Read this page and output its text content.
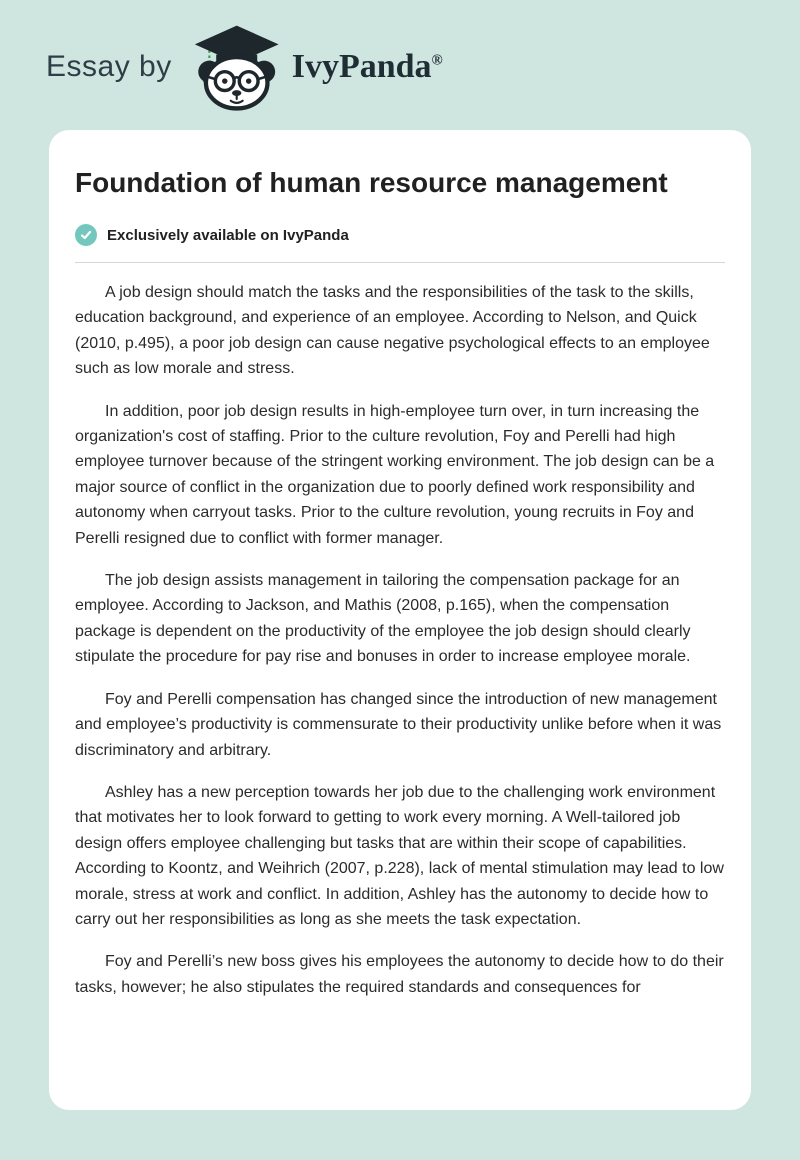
Essay by	IvyPanda®
Foundation of human resource management
Exclusively available on IvyPanda

A job design should match the tasks and the responsibilities of the task to the skills, education background, and experience of an employee. According to Nelson, and Quick (2010, p.495), a poor job design can cause negative psychological effects to an employee such as low morale and stress.

In addition, poor job design results in high-employee turn over, in turn increasing the organization's cost of staffing. Prior to the culture revolution, Foy and Perelli had high employee turnover because of the stringent working environment. The job design can be a major source of conflict in the organization due to poorly defined work responsibility and autonomy when carryout tasks. Prior to the culture revolution, young recruits in Foy and Perelli resigned due to conflict with former manager.

The job design assists management in tailoring the compensation package for an employee. According to Jackson, and Mathis (2008, p.165), when the compensation package is dependent on the productivity of the employee the job design should clearly stipulate the procedure for pay rise and bonuses in order to increase employee morale.

Foy and Perelli compensation has changed since the introduction of new management and employee’s productivity is commensurate to their productivity unlike before when it was discriminatory and arbitrary.

Ashley has a new perception towards her job due to the challenging work environment that motivates her to look forward to getting to work every morning. A Well-tailored job design offers employee challenging but tasks that are within their scope of capabilities. According to Koontz, and Weihrich (2007, p.228), lack of mental stimulation may lead to low morale, stress at work and conflict. In addition, Ashley has the autonomy to decide how to carry out her responsibilities as long as she meets the task expectation.

Foy and Perelli’s new boss gives his employees the autonomy to decide how to do their tasks, however; he also stipulates the required standards and consequences for
